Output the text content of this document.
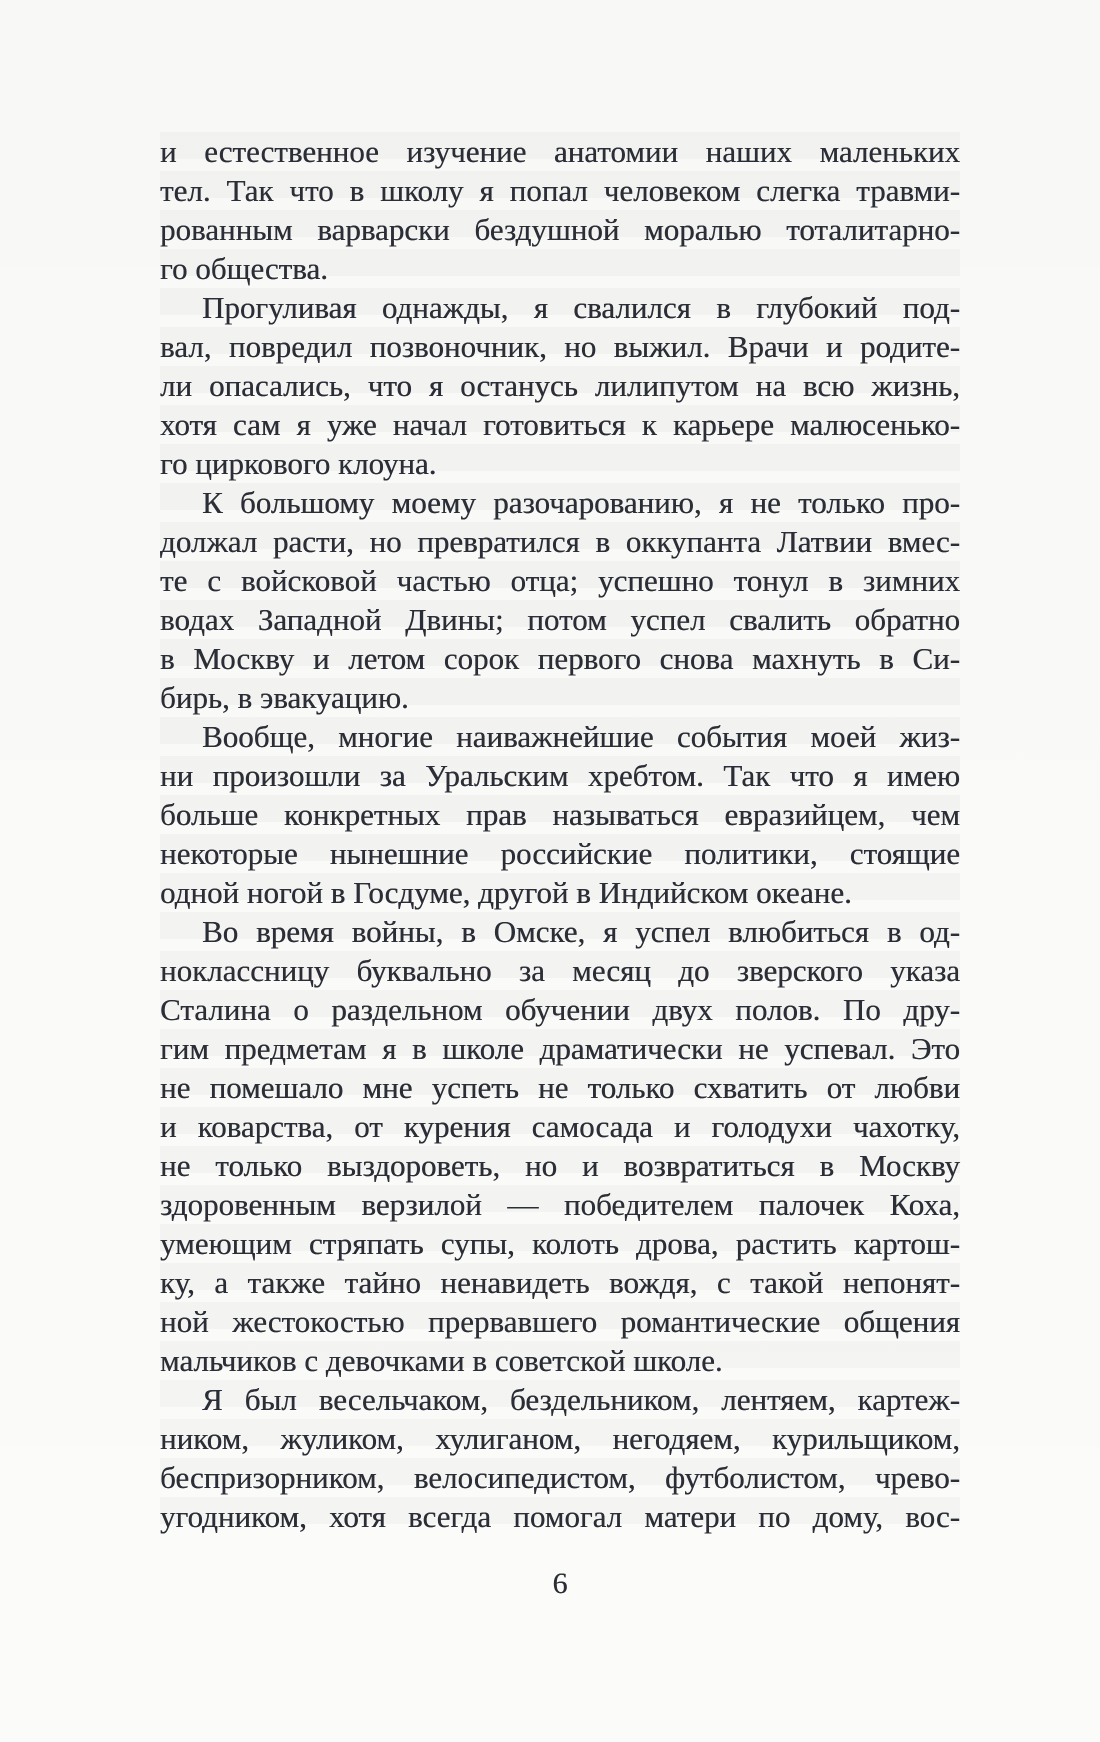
и естественное изучение анатомии наших маленьких
тел. Так что в школу я попал человеком слегка травми-
рованным варварски бездушной моралью тоталитарно-
го общества.

Прогуливая однажды, я свалился в глубокий под-
вал, повредил позвоночник, но выжил. Врачи и родите-
ли опасались, что я останусь лилипутом на всю жизнь,
хотя сам я уже начал готовиться к карьере малюсенько-
го циркового клоуна.

К большому моему разочарованию, я не только про-
должал расти, но превратился в оккупанта Латвии вмес-
те с войсковой частью отца; успешно тонул в зимних
водах Западной Двины; потом успел свалить обратно
в Москву и летом сорок первого снова махнуть в Си-
бирь, в эвакуацию.

Вообще, многие наиважнейшие события моей жиз-
ни произошли за Уральским хребтом. Так что я имею
больше конкретных прав называться евразийцем, чем
некоторые нынешние российские политики, стоящие
одной ногой в Госдуме, другой в Индийском океане.

Во время войны, в Омске, я успел влюбиться в од-
ноклассницу буквально за месяц до зверского указа
Сталина о раздельном обучении двух полов. По дру-
гим предметам я в школе драматически не успевал. Это
не помешало мне успеть не только схватить от любви
и коварства, от курения самосада и голодухи чахотку,
не только выздороветь, но и возвратиться в Москву
здоровенным верзилой — победителем палочек Коха,
умеющим стряпать супы, колоть дрова, растить картош-
ку, а также тайно ненавидеть вождя, с такой непонят-
ной жестокостью прервавшего романтические общения
мальчиков с девочками в советской школе.

Я был весельчаком, бездельником, лентяем, картеж-
ником, жуликом, хулиганом, негодяем, курильщиком,
беспризорником, велосипедистом, футболистом, чрево-
угодником, хотя всегда помогал матери по дому, вос-

6
